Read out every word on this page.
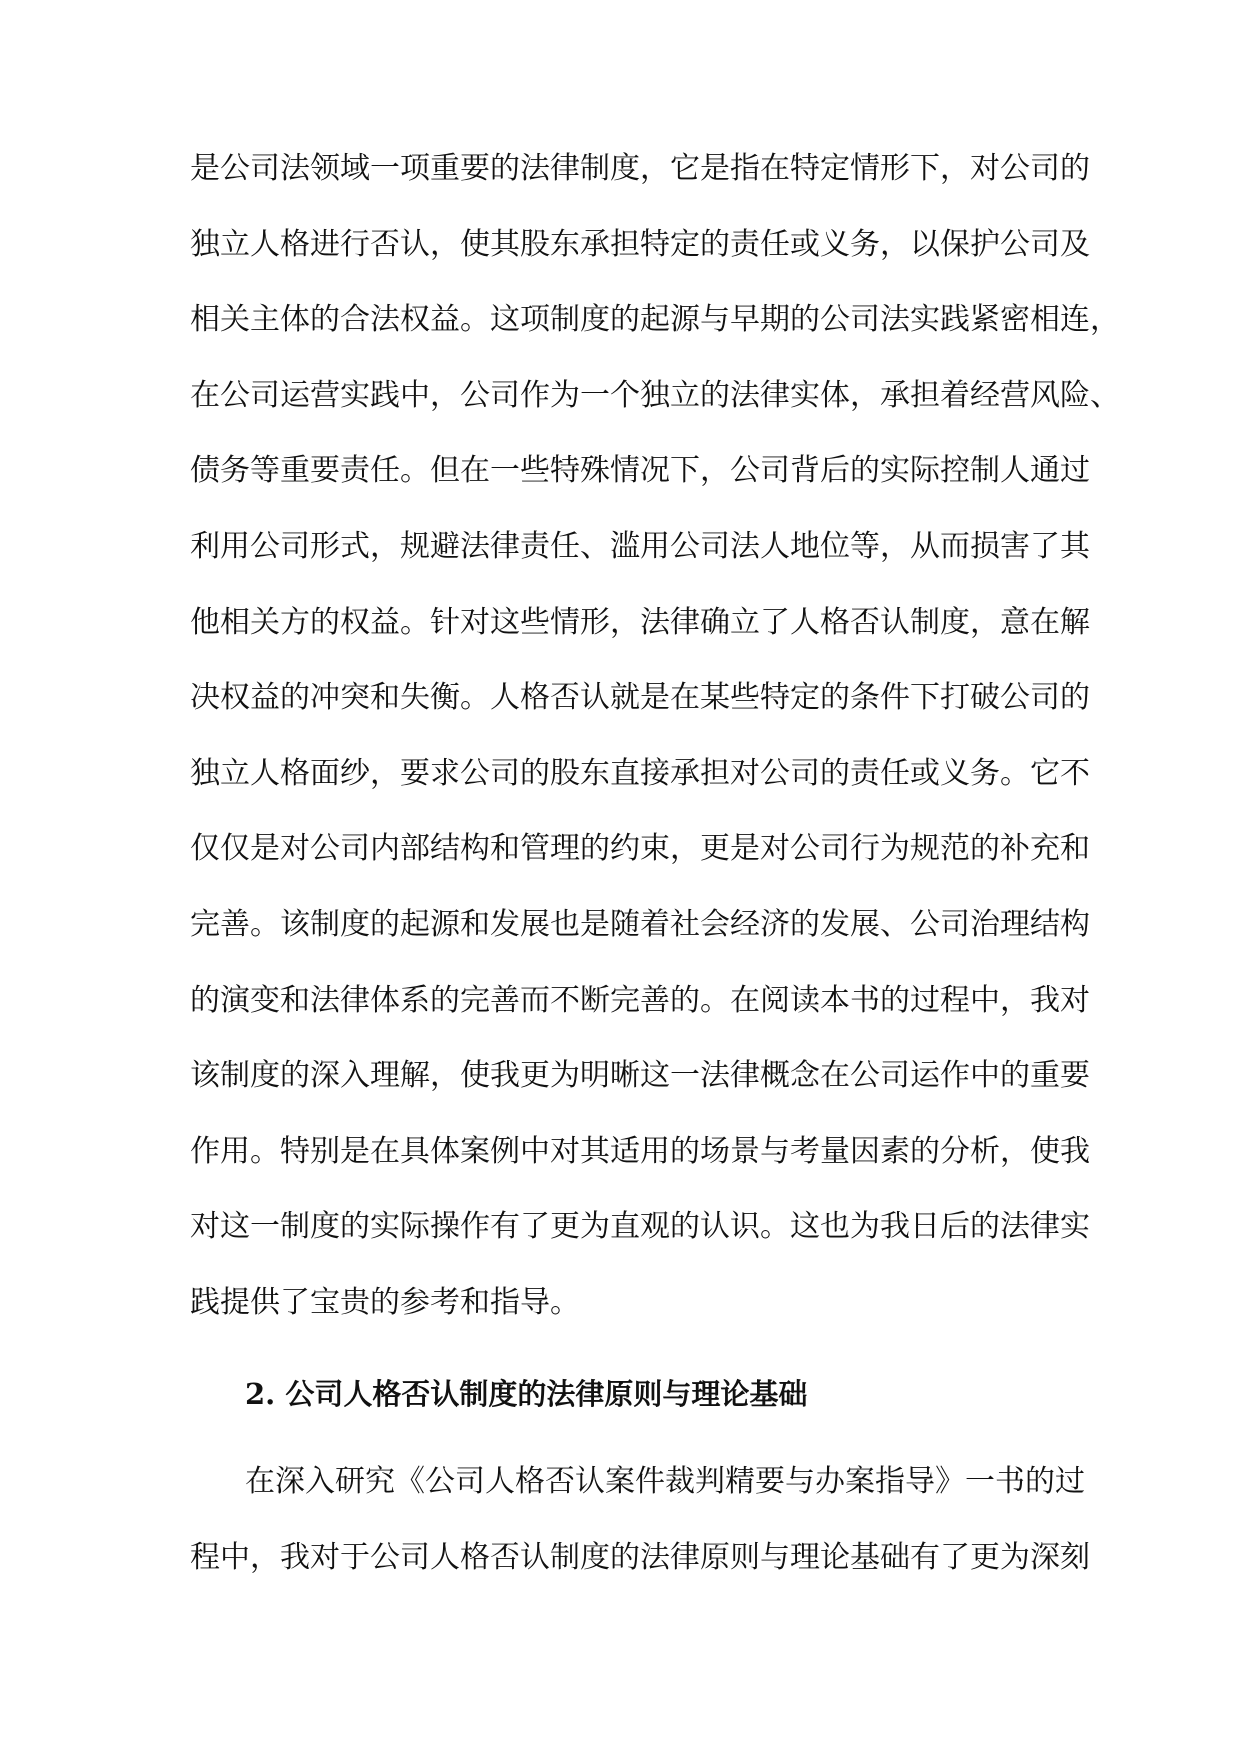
是公司法领域一项重要的法律制度，它是指在特定情形下，对公司的
独立人格进行否认，使其股东承担特定的责任或义务，以保护公司及
相关主体的合法权益。这项制度的起源与早期的公司法实践紧密相连，
在公司运营实践中，公司作为一个独立的法律实体，承担着经营风险、
债务等重要责任。但在一些特殊情况下，公司背后的实际控制人通过
利用公司形式，规避法律责任、滥用公司法人地位等，从而损害了其
他相关方的权益。针对这些情形，法律确立了人格否认制度，意在解
决权益的冲突和失衡。人格否认就是在某些特定的条件下打破公司的
独立人格面纱，要求公司的股东直接承担对公司的责任或义务。它不
仅仅是对公司内部结构和管理的约束，更是对公司行为规范的补充和
完善。该制度的起源和发展也是随着社会经济的发展、公司治理结构
的演变和法律体系的完善而不断完善的。在阅读本书的过程中，我对
该制度的深入理解，使我更为明晰这一法律概念在公司运作中的重要
作用。特别是在具体案例中对其适用的场景与考量因素的分析，使我
对这一制度的实际操作有了更为直观的认识。这也为我日后的法律实
践提供了宝贵的参考和指导。
2. 公司人格否认制度的法律原则与理论基础
在深入研究《公司人格否认案件裁判精要与办案指导》一书的过
程中，我对于公司人格否认制度的法律原则与理论基础有了更为深刻
